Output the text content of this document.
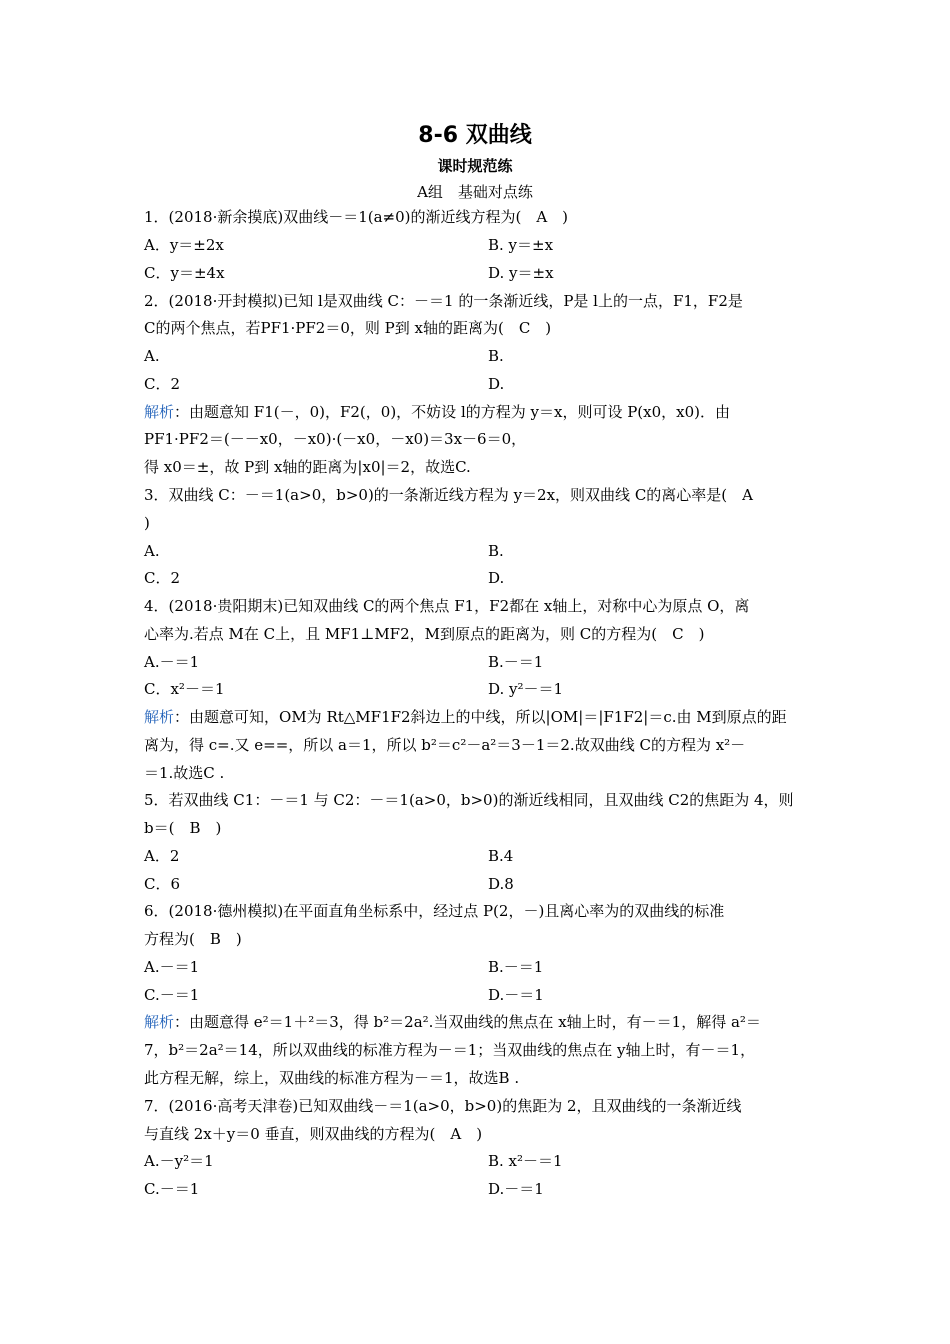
8-6 双曲线
课时规范练
A组　基础对点练
1．(2018·新余摸底)双曲线－＝1(a≠0)的渐近线方程为(　A　)
A．y＝±2x	B. y＝±x
C．y＝±4x	D. y＝±x
2．(2018·开封模拟)已知 l是双曲线 C：－＝1 的一条渐近线，P是 l上的一点，F1，F2是
C的两个焦点，若PF1·PF2＝0，则 P到 x轴的距离为(　C　)
A.	B.
C．2	D.
解析：由题意知 F1(－，0)，F2(，0)，不妨设 l的方程为 y＝x，则可设 P(x0，x0)．由
PF1·PF2＝(－－x0，－x0)·(－x0，－x0)＝3x－6＝0，
得 x0＝±，故 P到 x轴的距离为|x0|＝2，故选C.
3．双曲线 C：－＝1(a>0，b>0)的一条渐近线方程为 y＝2x，则双曲线 C的离心率是(　A
)
A.	B.
C．2	D.
4．(2018·贵阳期末)已知双曲线 C的两个焦点 F1，F2都在 x轴上，对称中心为原点 O，离
心率为.若点 M在 C上，且 MF1⊥MF2，M到原点的距离为，则 C的方程为(　C　)
A.－＝1	B.－＝1
C．x²－＝1	D. y²－＝1
解析：由题意可知，OM为 Rt△MF1F2斜边上的中线，所以|OM|＝|F1F2|＝c.由 M到原点的距
离为，得 c=.又 e==，所以 a＝1，所以 b²＝c²－a²＝3－1＝2.故双曲线 C的方程为 x²－
＝1.故选C .
5．若双曲线 C1：－＝1 与 C2：－＝1(a>0，b>0)的渐近线相同，且双曲线 C2的焦距为 4，则
b＝(　B　)
A．2	B.4
C．6	D.8
6．(2018·德州模拟)在平面直角坐标系中，经过点 P(2，－)且离心率为的双曲线的标准
方程为(　B　)
A.－＝1	B.－＝1
C.－＝1	D.－＝1
解析：由题意得 e²＝1＋²＝3，得 b²＝2a².当双曲线的焦点在 x轴上时，有－＝1，解得 a²＝
7，b²＝2a²＝14，所以双曲线的标准方程为－＝1；当双曲线的焦点在 y轴上时，有－＝1，
此方程无解，综上，双曲线的标准方程为－＝1，故选B .
7．(2016·高考天津卷)已知双曲线－＝1(a>0，b>0)的焦距为 2，且双曲线的一条渐近线
与直线 2x＋y＝0 垂直，则双曲线的方程为(　A　)
A.－y²＝1	B. x²－＝1
C.－＝1	D.－＝1
